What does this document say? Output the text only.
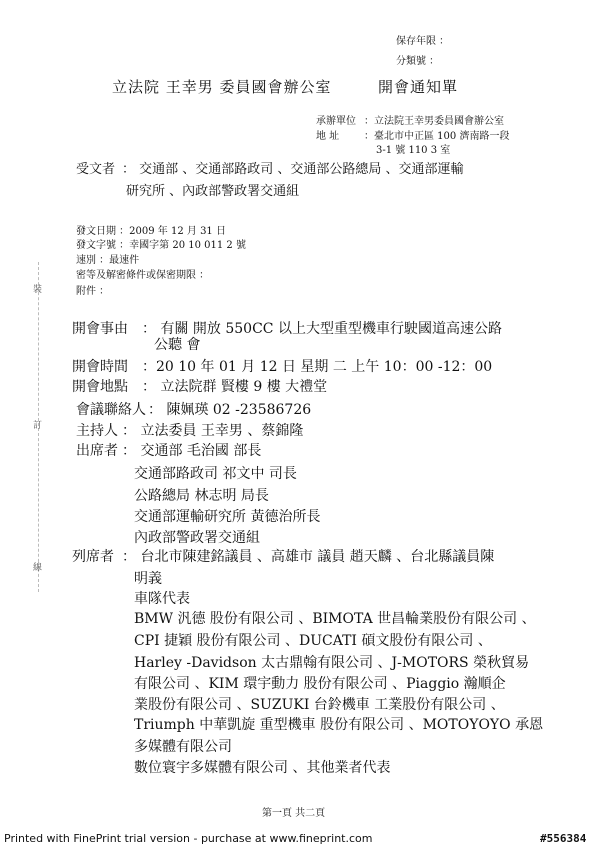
保存年限 ：
分類號 ：
立法院 王幸男 委員國會辦公室	開會通知單
承辦單位 ：立法院王幸男委員國會辦公室
地 址 ：臺北市中正區 100 濟南路一段
3-1 號 110 3 室
受文者 ： 交通部 、交通部路政司 、交通部公路總局 、交通部運輸
研究所 、內政部警政署交通組
發文日期 ：2009 年 12 月 31 日
發文字號 ：幸國字第 20 10 011 2 號
速別 ：最速件
密等及解密條件或保密期限 ：
附件 ：
裝
訂
線
開會事由 ： 有關 開放 550CC 以上大型重型機車行駛國道高速公路
公聽 會
開會時間 ：20 10 年 01 月 12 日 星期 二 上午 10：00 -12：00
開會地點 ： 立法院群 賢樓 9 樓 大禮堂
會議聯絡人 ： 陳姵瑛 02 -23586726
主持人 ： 立法委員 王幸男 、蔡錦隆
出席者 ： 交通部 毛治國 部長
交通部路政司 祁文中 司長
公路總局 林志明 局長
交通部運輸研究所 黃德治所長
內政部警政署交通組
列席者 ： 台北市陳建銘議員 、高雄市 議員 趙天麟 、台北縣議員陳
明義
車隊代表
BMW 汎德 股份有限公司 、BIMOTA 世昌輪業股份有限公司 、
CPI 捷穎 股份有限公司 、DUCATI 碩文股份有限公司 、
Harley -Davidson 太古鼎翰有限公司 、J-MOTORS 榮秋貿易
有限公司 、KIM 環宇動力 股份有限公司 、Piaggio 瀚順企
業股份有限公司 、SUZUKI 台鈴機車 工業股份有限公司 、
Triumph 中華凱旋 重型機車 股份有限公司 、MOTOYOYO 承恩
多媒體有限公司
數位寰宇多媒體有限公司 、其他業者代表
第一頁 共二頁
Printed with FinePrint trial version - purchase at www.fineprint.com	#556384
